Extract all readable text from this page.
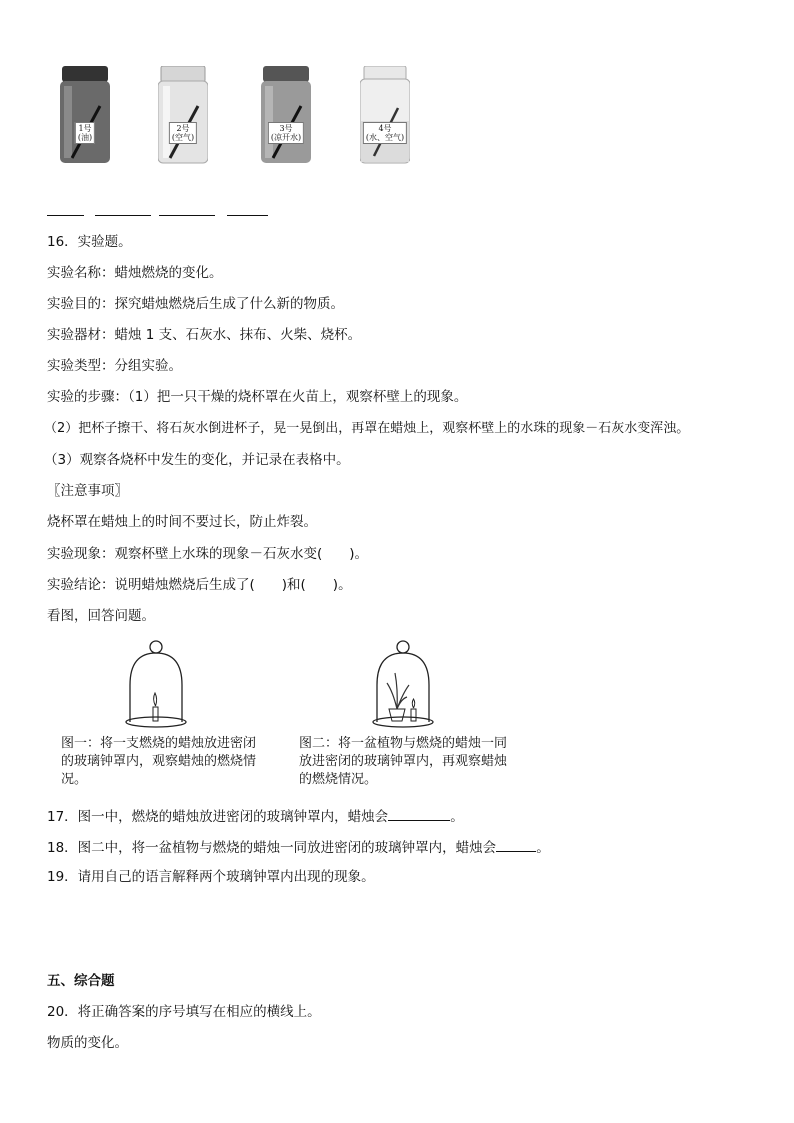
1号
(油)
2号
(空气)
3号
(凉开水)
4号
(水、空气)
16．实验题。
实验名称：蜡烛燃烧的变化。
实验目的：探究蜡烛燃烧后生成了什么新的物质。
实验器材：蜡烛 1 支、石灰水、抹布、火柴、烧杯。
实验类型：分组实验。
实验的步骤：（1）把一只干燥的烧杯罩在火苗上，观察杯壁上的现象。
（2）把杯子擦干、将石灰水倒进杯子，晃一晃倒出，再罩在蜡烛上，观察杯壁上的水珠的现象－石灰水变浑浊。
（3）观察各烧杯中发生的变化，并记录在表格中。
〖注意事项〗
烧杯罩在蜡烛上的时间不要过长，防止炸裂。
实验现象：观察杯壁上水珠的现象－石灰水变(　　)。
实验结论：说明蜡烛燃烧后生成了(　　)和(　　)。
看图，回答问题。
图一：将一支燃烧的蜡烛放进密闭的玻璃钟罩内，观察蜡烛的燃烧情况。
图二：将一盆植物与燃烧的蜡烛一同放进密闭的玻璃钟罩内，再观察蜡烛的燃烧情况。
17．图一中，燃烧的蜡烛放进密闭的玻璃钟罩内，蜡烛会	。
18．图二中，将一盆植物与燃烧的蜡烛一同放进密闭的玻璃钟罩内，蜡烛会	。
19．请用自己的语言解释两个玻璃钟罩内出现的现象。
五、综合题
20．将正确答案的序号填写在相应的横线上。
物质的变化。
